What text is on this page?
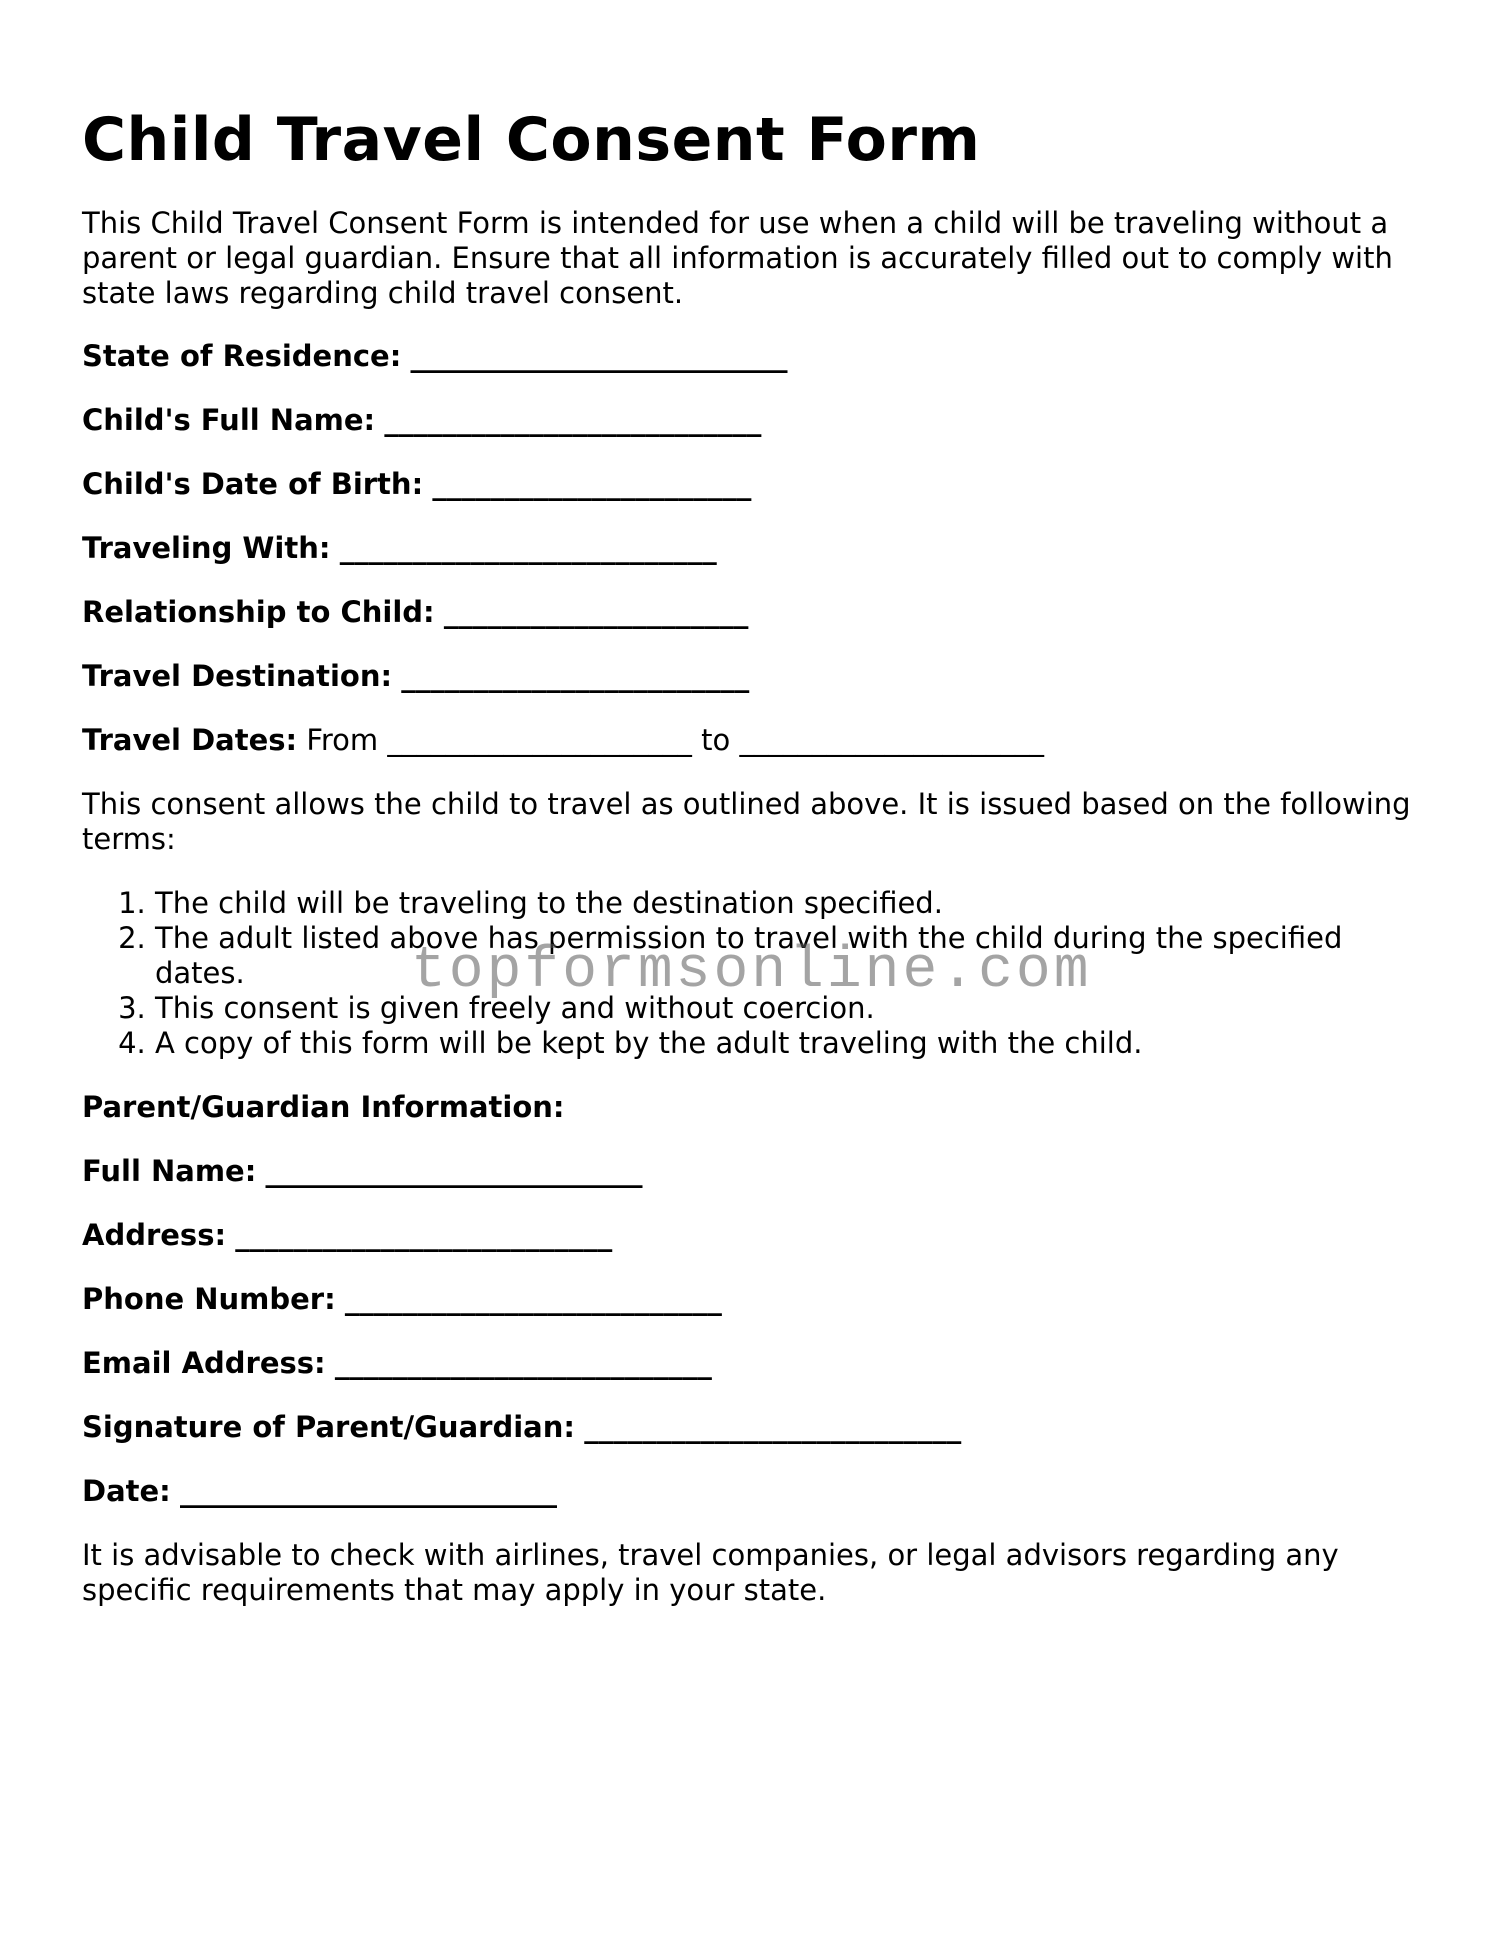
Child Travel Consent Form

This Child Travel Consent Form is intended for use when a child will be traveling without a parent or legal guardian. Ensure that all information is accurately filled out to comply with state laws regarding child travel consent.

State of Residence: __________________________
Child's Full Name: __________________________
Child's Date of Birth: ______________________
Traveling With: __________________________
Relationship to Child: _____________________
Travel Destination: ________________________
Travel Dates: From _____________________ to _____________________

This consent allows the child to travel as outlined above. It is issued based on the following terms:

1. The child will be traveling to the destination specified.
2. The adult listed above has permission to travel with the child during the specified dates.
3. This consent is given freely and without coercion.
4. A copy of this form will be kept by the adult traveling with the child.
Parent/Guardian Information:
Full Name: __________________________
Address: __________________________
Phone Number: __________________________
Email Address: __________________________
Signature of Parent/Guardian: __________________________
Date: __________________________

It is advisable to check with airlines, travel companies, or legal advisors regarding any specific requirements that may apply in your state.

topformsonline.com
